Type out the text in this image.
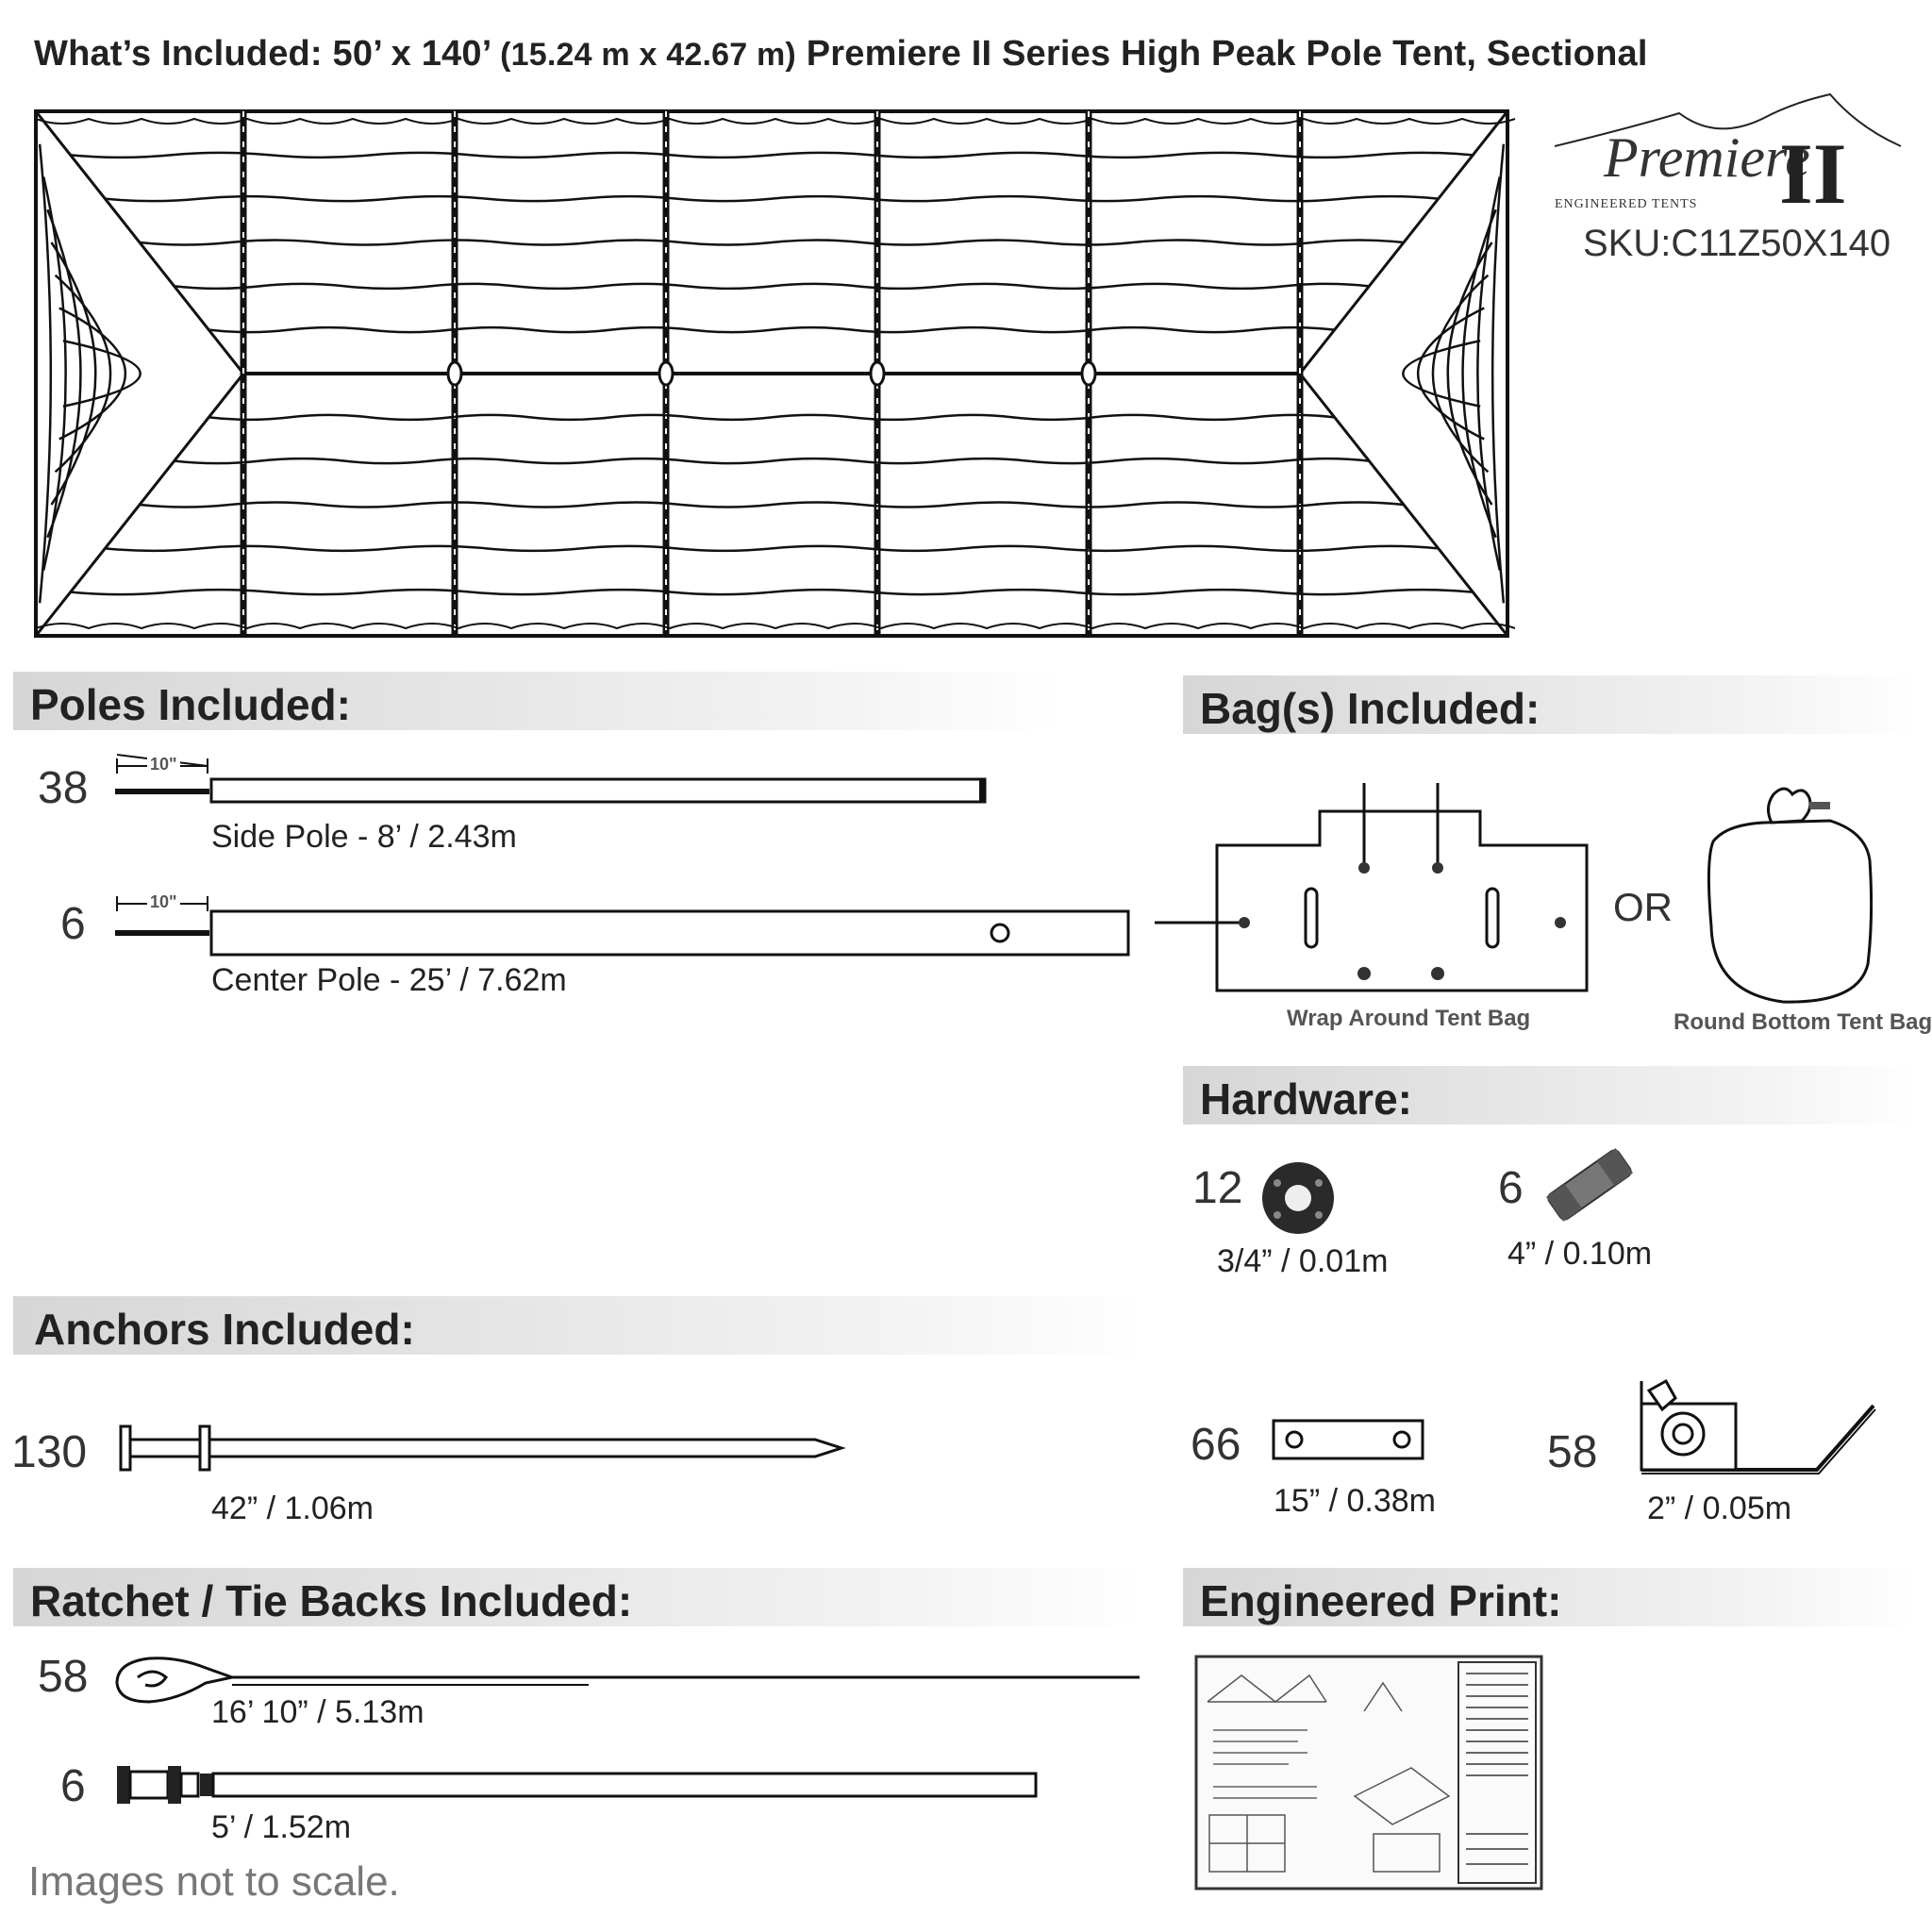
What’s Included: 50’ x 140’ (15.24 m x 42.67 m) Premiere II Series High Peak Pole Tent, Sectional
Premiere
II
ENGINEERED TENTS
SKU:C11Z50X140
Poles Included:	Bag(s) Included:
Hardware:
Anchors Included:
Ratchet / Tie Backs Included:	Engineered Print:
38	10"
Side Pole - 8’ / 2.43m
6	10"
Center Pole - 25’ / 7.62m
Wrap Around Tent Bag
OR
Round Bottom Tent Bag
12
3/4” / 0.01m
6
4” / 0.10m
130
42” / 1.06m
66
15” / 0.38m
58
2” / 0.05m
58
16’ 10” / 5.13m
6
5’ / 1.52m
Images not to scale.
